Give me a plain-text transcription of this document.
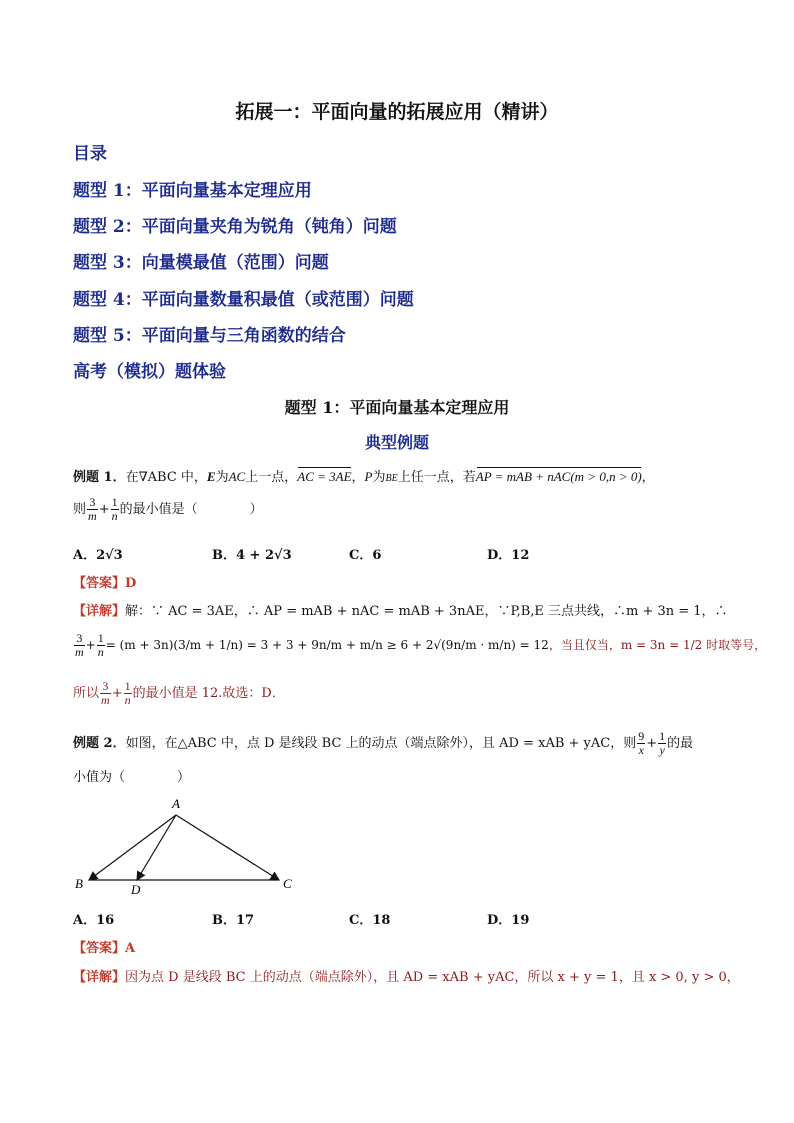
拓展一：平面向量的拓展应用（精讲）
目录
题型 1：平面向量基本定理应用
题型 2：平面向量夹角为锐角（钝角）问题
题型 3：向量模最值（范围）问题
题型 4：平面向量数量积最值（或范围）问题
题型 5：平面向量与三角函数的结合
高考（模拟）题体验
题型 1：平面向量基本定理应用
典型例题
例题 1．在∇ABC 中，E为AC上一点，AC = 3AE，P为BE上任一点，若AP = mAB + nAC(m > 0,n > 0)，
则 $\frac{3}{m} + \frac{1}{n}$ 的最小值是（　　　　）
A．2√3	B．4 + 2√3	C．6	D．12
【答案】D
【详解】解：∵ AC = 3AE，∴ AP = mAB + nAC = mAB + 3nAE，∵P,B,E 三点共线，∴m + 3n = 1，∴
$\frac{3}{m} + \frac{1}{n} = (m + 3n)(3/m + 1/n) = 3 + 3 + 9n/m + m/n \ge 6 + 2√(9n/m \cdot m/n) = 12$，当且仅当，m = 3n = 1/2 时取等号，
所以 $\frac{3}{m} + \frac{1}{n}$ 的最小值是 12.故选：D．
例题 2．如图，在△ABC 中，点 D 是线段 BC 上的动点（端点除外），且 AD = xAB + yAC，则 $\frac{9}{x} + \frac{1}{y}$ 的最
小值为（　　　　）
A
B	D	C
A．16	B．17	C．18	D．19
【答案】A
【详解】因为点 D 是线段 BC 上的动点（端点除外），且 AD = xAB + yAC，所以 x + y = 1，且 x > 0, y > 0，
